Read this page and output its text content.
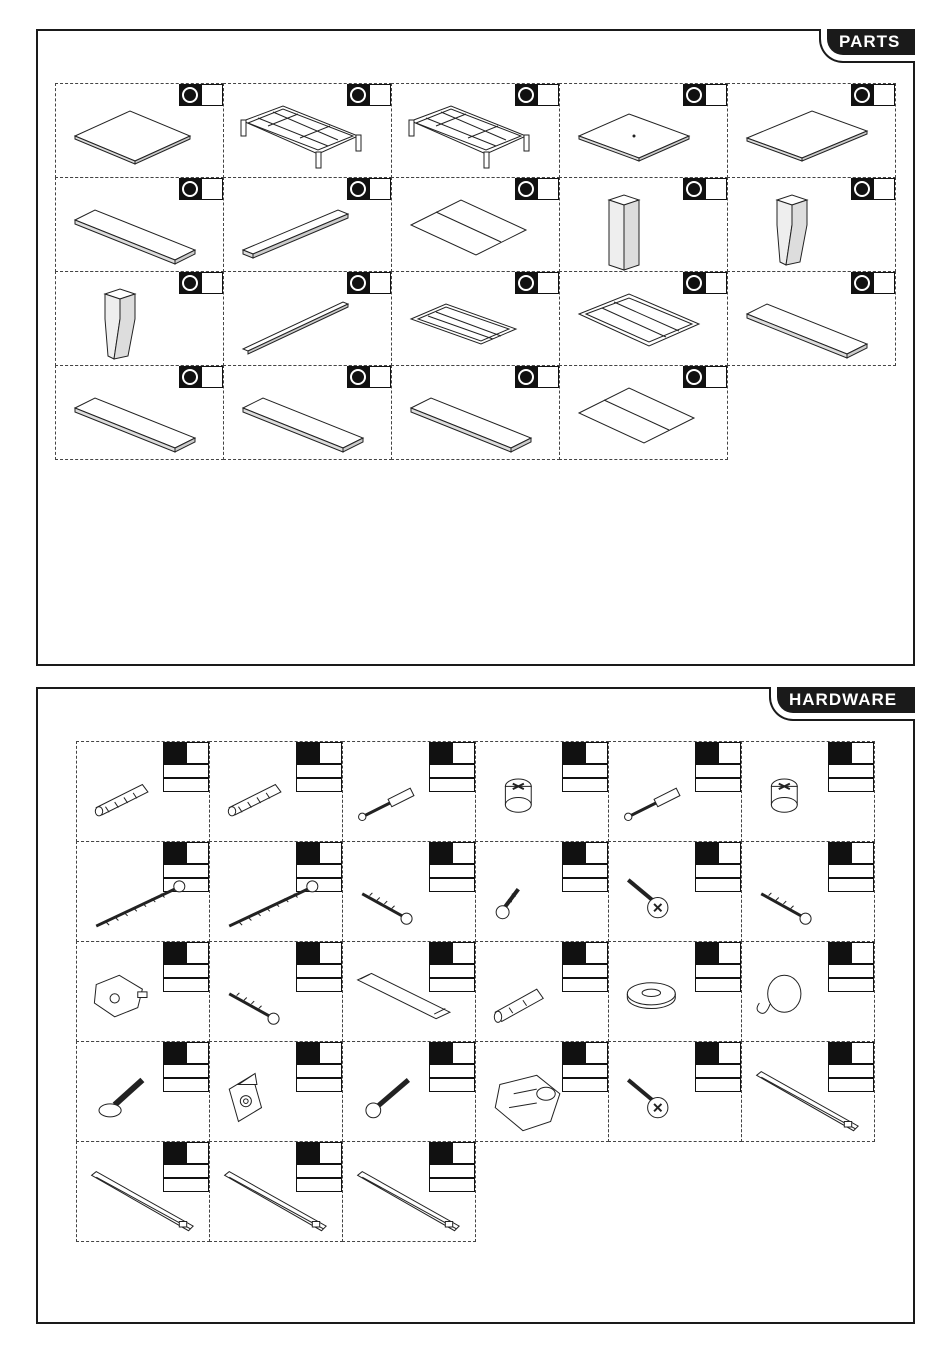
PARTS
HARDWARE
